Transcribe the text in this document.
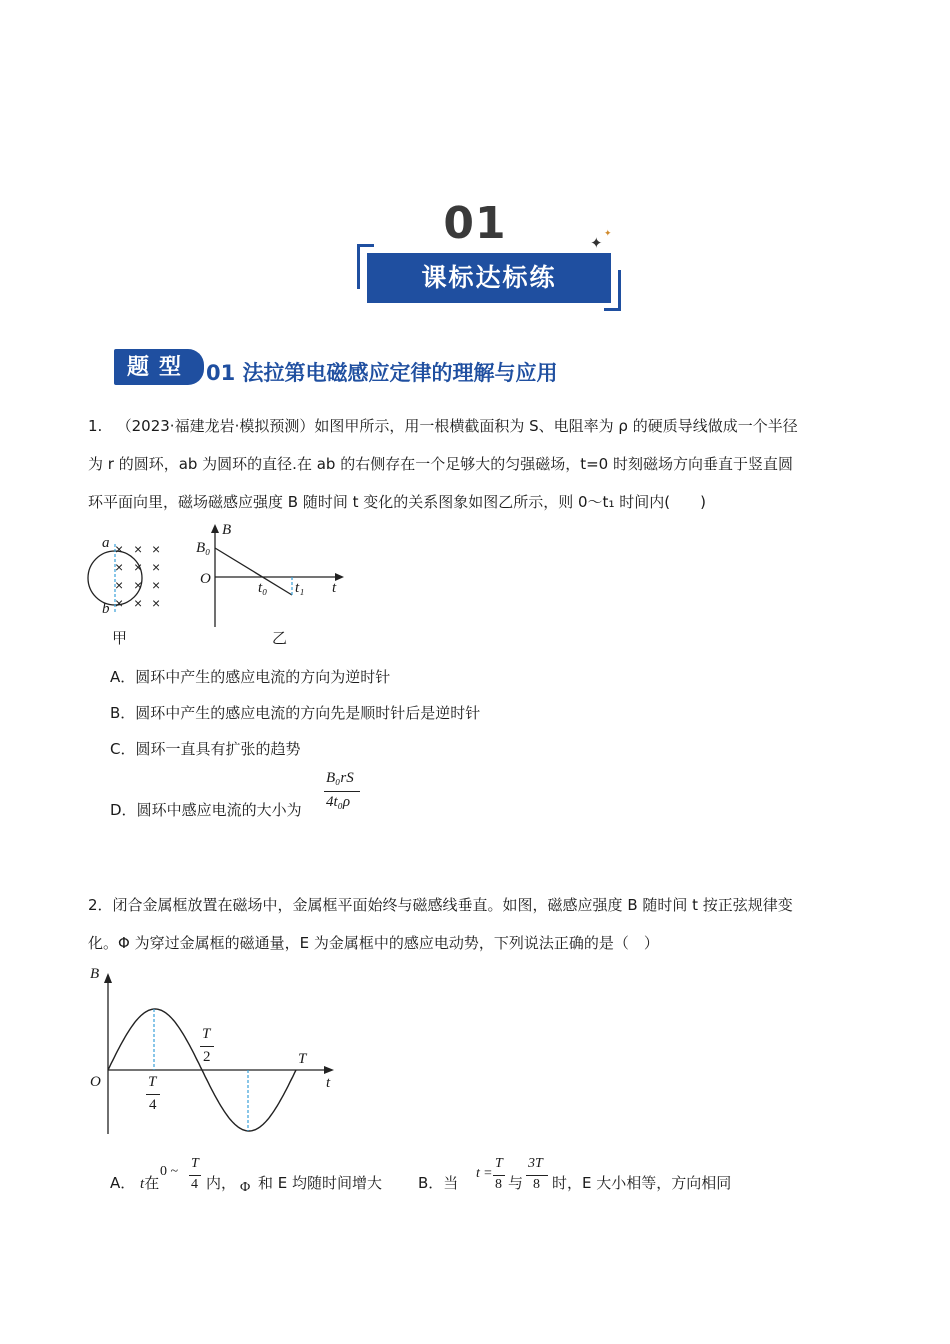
01	✦ ✦
课标达标练
题型 01 法拉第电磁感应定律的理解与应用
1. （2023·福建龙岩·模拟预测）如图甲所示，用一根横截面积为 S、电阻率为 ρ 的硬质导线做成一个半径
为 r 的圆环，ab 为圆环的直径.在 ab 的右侧存在一个足够大的匀强磁场，t=0 时刻磁场方向垂直于竖直圆
环平面向里，磁场磁感应强度 B 随时间 t 变化的关系图象如图乙所示，则 0～t₁ 时间内(　　)
× × ×
× × ×
× × ×
× × ×
a
b
甲
B
B₀
O
t₀ t₁ t
乙
A．圆环中产生的感应电流的方向为逆时针
B．圆环中产生的感应电流的方向先是顺时针后是逆时针
C．圆环一直具有扩张的趋势
D．圆环中感应电流的大小为
B₀rS
4t₀ρ
2．闭合金属框放置在磁场中，金属框平面始终与磁感线垂直。如图，磁感应强度 B 随时间 t 按正弦规律变
化。Φ 为穿过金属框的磁通量，E 为金属框中的感应电动势，下列说法正确的是（　）
B
t
O
T
2
T
4
T
A． t在
0 ~
T
4 内， Φ 和 E 均随时间增大 B．当
t =
T
8 与
3T
8 时，E 大小相等，方向相同
